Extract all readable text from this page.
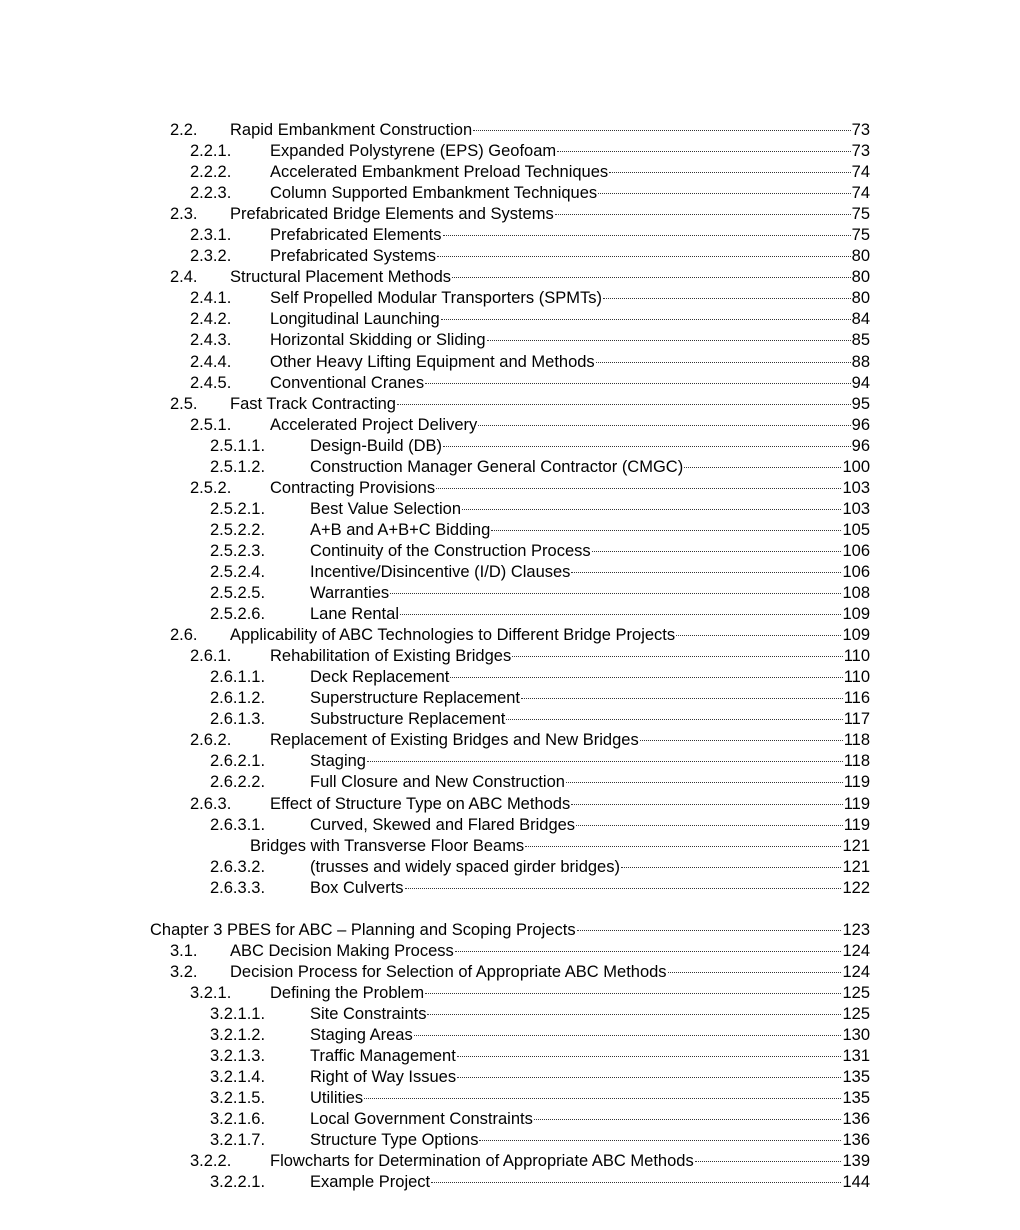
2.2. Rapid Embankment Construction	73
2.2.1. Expanded Polystyrene (EPS) Geofoam	73
2.2.2. Accelerated Embankment Preload Techniques	74
2.2.3. Column Supported Embankment Techniques	74
2.3. Prefabricated Bridge Elements and Systems	75
2.3.1. Prefabricated Elements	75
2.3.2. Prefabricated Systems	80
2.4. Structural Placement Methods	80
2.4.1. Self Propelled Modular Transporters (SPMTs)	80
2.4.2. Longitudinal Launching	84
2.4.3. Horizontal Skidding or Sliding	85
2.4.4. Other Heavy Lifting Equipment and Methods	88
2.4.5. Conventional Cranes	94
2.5. Fast Track Contracting	95
2.5.1. Accelerated Project Delivery	96
2.5.1.1.	Design-Build (DB)	96
2.5.1.2.	Construction Manager General Contractor (CMGC)	100
2.5.2. Contracting Provisions	103
2.5.2.1.	Best Value Selection	103
2.5.2.2.	A+B and A+B+C Bidding	105
2.5.2.3.	Continuity of the Construction Process	106
2.5.2.4.	Incentive/Disincentive (I/D) Clauses	106
2.5.2.5.	Warranties	108
2.5.2.6.	Lane Rental	109
2.6. Applicability of ABC Technologies to Different Bridge Projects	109
2.6.1. Rehabilitation of Existing Bridges	110
2.6.1.1.	Deck Replacement	110
2.6.1.2.	Superstructure Replacement	116
2.6.1.3.	Substructure Replacement	117
2.6.2. Replacement of Existing Bridges and New Bridges	118
2.6.2.1.	Staging	118
2.6.2.2.	Full Closure and New Construction	119
2.6.3. Effect of Structure Type on ABC Methods	119
2.6.3.1.	Curved, Skewed and Flared Bridges	119
Bridges with Transverse Floor Beams	121
2.6.3.2.	(trusses and widely spaced girder bridges)	121
2.6.3.3.	Box Culverts	122
Chapter 3 PBES for ABC – Planning and Scoping Projects	123
3.1. ABC Decision Making Process	124
3.2. Decision Process for Selection of Appropriate ABC Methods	124
3.2.1. Defining the Problem	125
3.2.1.1.	Site Constraints	125
3.2.1.2.	Staging Areas	130
3.2.1.3.	Traffic Management	131
3.2.1.4.	Right of Way Issues	135
3.2.1.5.	Utilities	135
3.2.1.6.	Local Government Constraints	136
3.2.1.7.	Structure Type Options	136
3.2.2. Flowcharts for Determination of Appropriate ABC Methods	139
3.2.2.1.	Example Project	144
